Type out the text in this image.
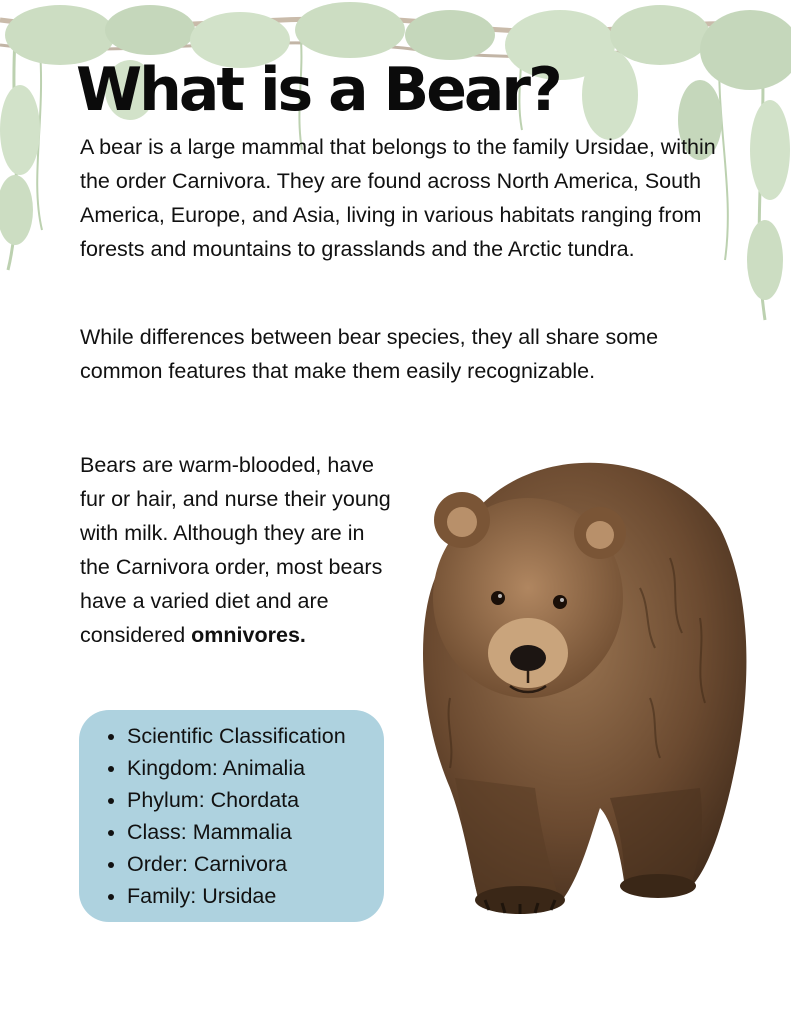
What is a Bear?

A bear is a large mammal that belongs to the family Ursidae, within the order Carnivora. They are found across North America, South America, Europe, and Asia, living in various habitats ranging from forests and mountains to grasslands and the Arctic tundra.

While differences between bear species, they all share some common features that make them easily recognizable.

Bears are warm-blooded, have fur or hair, and nurse their young with milk. Although they are in the Carnivora order, most bears have a varied diet and are considered omnivores.

• Scientific Classification
• Kingdom: Animalia
• Phylum: Chordata
• Class: Mammalia
• Order: Carnivora
• Family: Ursidae
